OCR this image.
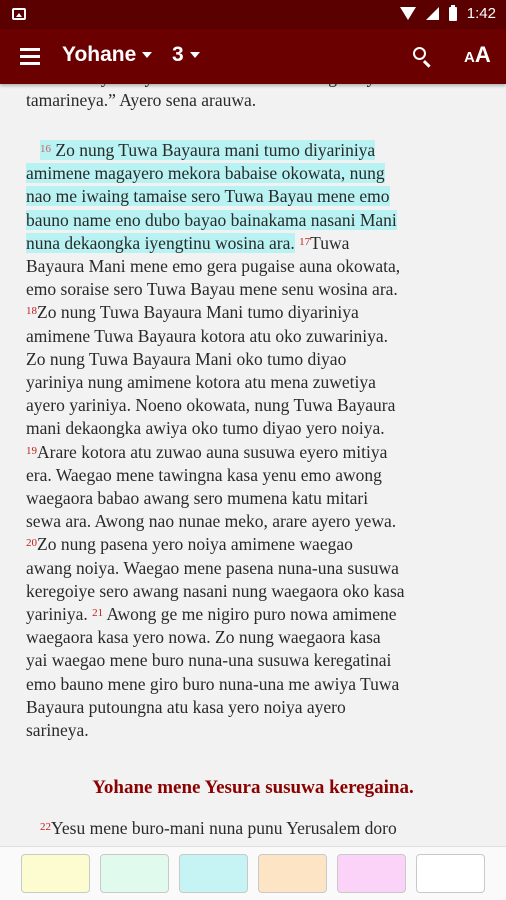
1:42
Yohane 3	AA
tamarineya.” Ayero sena arauwa.
$^{16}$ Zo nung Tuwa Bayaura mani tumo diyariniya
amimene magayero mekora babaise okowata, nung
nao me iwaing tamaise sero Tuwa Bayau mene emo
bauno name eno dubo bayao bainakama nasani Mani
nuna dekaongka iyengtinu wosina ara. $^{17}$Tuwa
Bayaura Mani mene emo gera pugaise auna okowata,
emo soraise sero Tuwa Bayau mene senu wosina ara.
$^{18}$Zo nung Tuwa Bayaura Mani tumo diyariniya
amimene Tuwa Bayaura kotora atu oko zuwariniya.
Zo nung Tuwa Bayaura Mani oko tumo diyao
yariniya nung amimene kotora atu mena zuwetiya
ayero yariniya. Noeno okowata, nung Tuwa Bayaura
mani dekaongka awiya oko tumo diyao yero noiya.
$^{19}$Arare kotora atu zuwao auna susuwa eyero mitiya
era. Waegao mene tawingna kasa yenu emo awong
waegaora babao awang sero mumena katu mitari
sewa ara. Awong nao nunae meko, arare ayero yewa.
$^{20}$Zo nung pasena yero noiya amimene waegao
awang noiya. Waegao mene pasena nuna-una susuwa
keregoiye sero awang nasani nung waegaora oko kasa
yariniya. $^{21}$ Awong ge me nigiro puro nowa amimene
waegaora kasa yero nowa. Zo nung waegaora kasa
yai waegao mene buro nuna-una susuwa keregatinai
emo bauno mene giro buro nuna-una me awiya Tuwa
Bayaura putoungna atu kasa yero noiya ayero
sarineya.
Yohane mene Yesura susuwa keregaina.
$^{22}$Yesu mene buro-mani nuna punu Yerusalem doro
